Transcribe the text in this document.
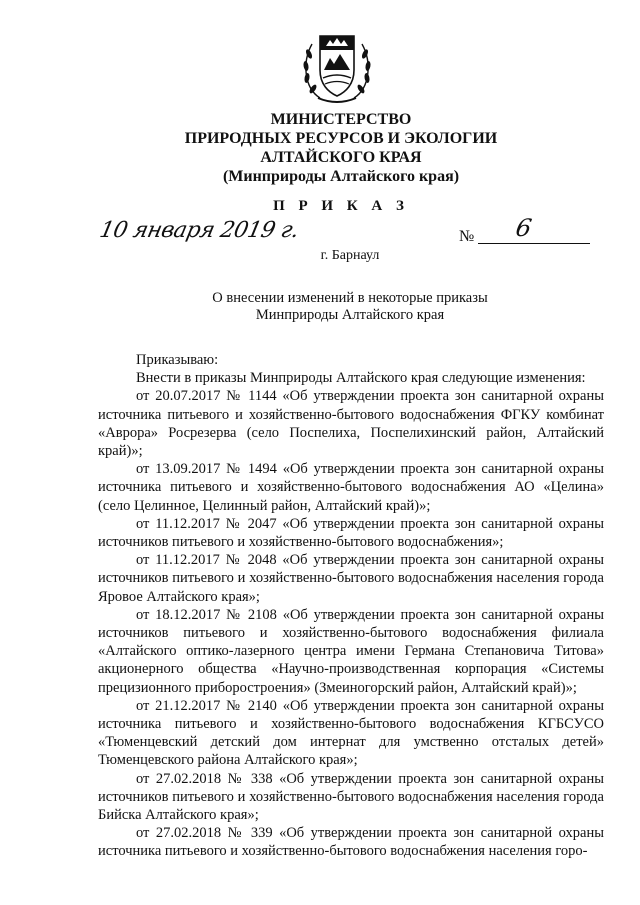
МИНИСТЕРСТВО
ПРИРОДНЫХ РЕСУРСОВ И ЭКОЛОГИИ
АЛТАЙСКОГО КРАЯ
(Минприроды Алтайского края)
П Р И К А З
10 января 2019 г.	№ 6
г. Барнаул
О внесении изменений в некоторые приказы
Минприроды Алтайского края

Приказываю:

Внести в приказы Минприроды Алтайского края следующие изменения:

от 20.07.2017 № 1144 «Об утверждении проекта зон санитарной охраны источника питьевого и хозяйственно-бытового водоснабжения ФГКУ комбинат «Аврора» Росрезерва (село Поспелиха, Поспелихинский район, Алтайский край)»;

от 13.09.2017 № 1494 «Об утверждении проекта зон санитарной охраны источника питьевого и хозяйственно-бытового водоснабжения АО «Целина» (село Целинное, Целинный район, Алтайский край)»;

от 11.12.2017 № 2047 «Об утверждении проекта зон санитарной охраны источников питьевого и хозяйственно-бытового водоснабжения»;

от 11.12.2017 № 2048 «Об утверждении проекта зон санитарной охраны источников питьевого и хозяйственно-бытового водоснабжения населения города Яровое Алтайского края»;

от 18.12.2017 № 2108 «Об утверждении проекта зон санитарной охраны источников питьевого и хозяйственно-бытового водоснабжения филиала «Алтайского оптико-лазерного центра имени Германа Степановича Титова» акционерного общества «Научно-производственная корпорация «Системы прецизионного приборостроения» (Змеиногорский район, Алтайский край)»;

от 21.12.2017 № 2140 «Об утверждении проекта зон санитарной охраны источника питьевого и хозяйственно-бытового водоснабжения КГБСУСО «Тюменцевский детский дом интернат для умственно отсталых детей» Тюменцевского района Алтайского края»;

от 27.02.2018 № 338 «Об утверждении проекта зон санитарной охраны источников питьевого и хозяйственно-бытового водоснабжения населения города Бийска Алтайского края»;

от 27.02.2018 № 339 «Об утверждении проекта зон санитарной охраны источника питьевого и хозяйственно-бытового водоснабжения населения горо-
